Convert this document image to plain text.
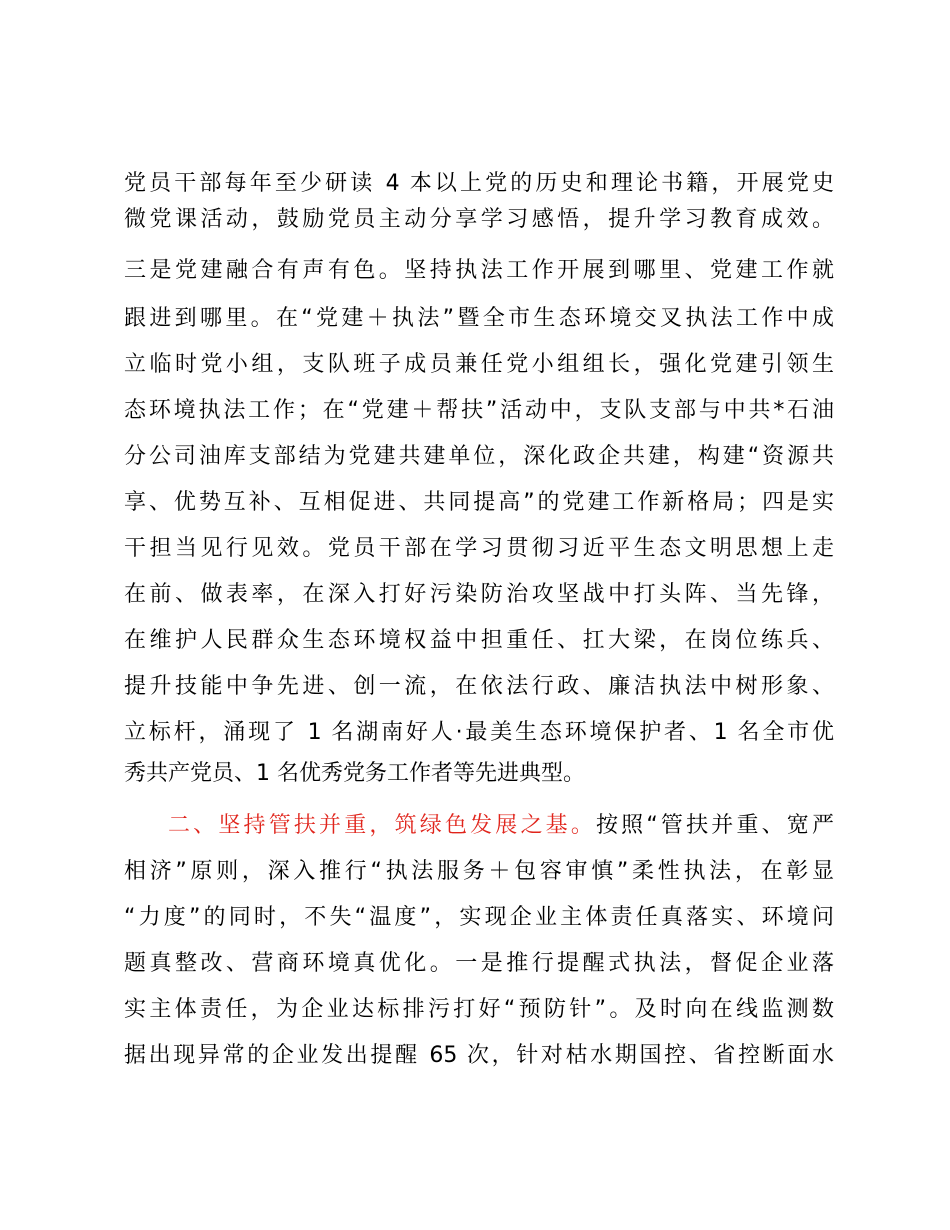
党员干部每年至少研读 4 本以上党的历史和理论书籍，开展党史
微党课活动，鼓励党员主动分享学习感悟，提升学习教育成效。
三是党建融合有声有色。坚持执法工作开展到哪里、党建工作就
跟进到哪里。在“党建＋执法”暨全市生态环境交叉执法工作中成
立临时党小组，支队班子成员兼任党小组组长，强化党建引领生
态环境执法工作；在“党建＋帮扶”活动中，支队支部与中共*石油
分公司油库支部结为党建共建单位，深化政企共建，构建“资源共
享、优势互补、互相促进、共同提高”的党建工作新格局；四是实
干担当见行见效。党员干部在学习贯彻习近平生态文明思想上走
在前、做表率，在深入打好污染防治攻坚战中打头阵、当先锋，
在维护人民群众生态环境权益中担重任、扛大梁，在岗位练兵、
提升技能中争先进、创一流，在依法行政、廉洁执法中树形象、
立标杆，涌现了 1 名湖南好人·最美生态环境保护者、1 名全市优
秀共产党员、1 名优秀党务工作者等先进典型。
二、坚持管扶并重，筑绿色发展之基。按照“管扶并重、宽严
相济”原则，深入推行“执法服务＋包容审慎”柔性执法，在彰显
“力度”的同时，不失“温度”，实现企业主体责任真落实、环境问
题真整改、营商环境真优化。一是推行提醒式执法，督促企业落
实主体责任，为企业达标排污打好“预防针”。及时向在线监测数
据出现异常的企业发出提醒 65 次，针对枯水期国控、省控断面水
